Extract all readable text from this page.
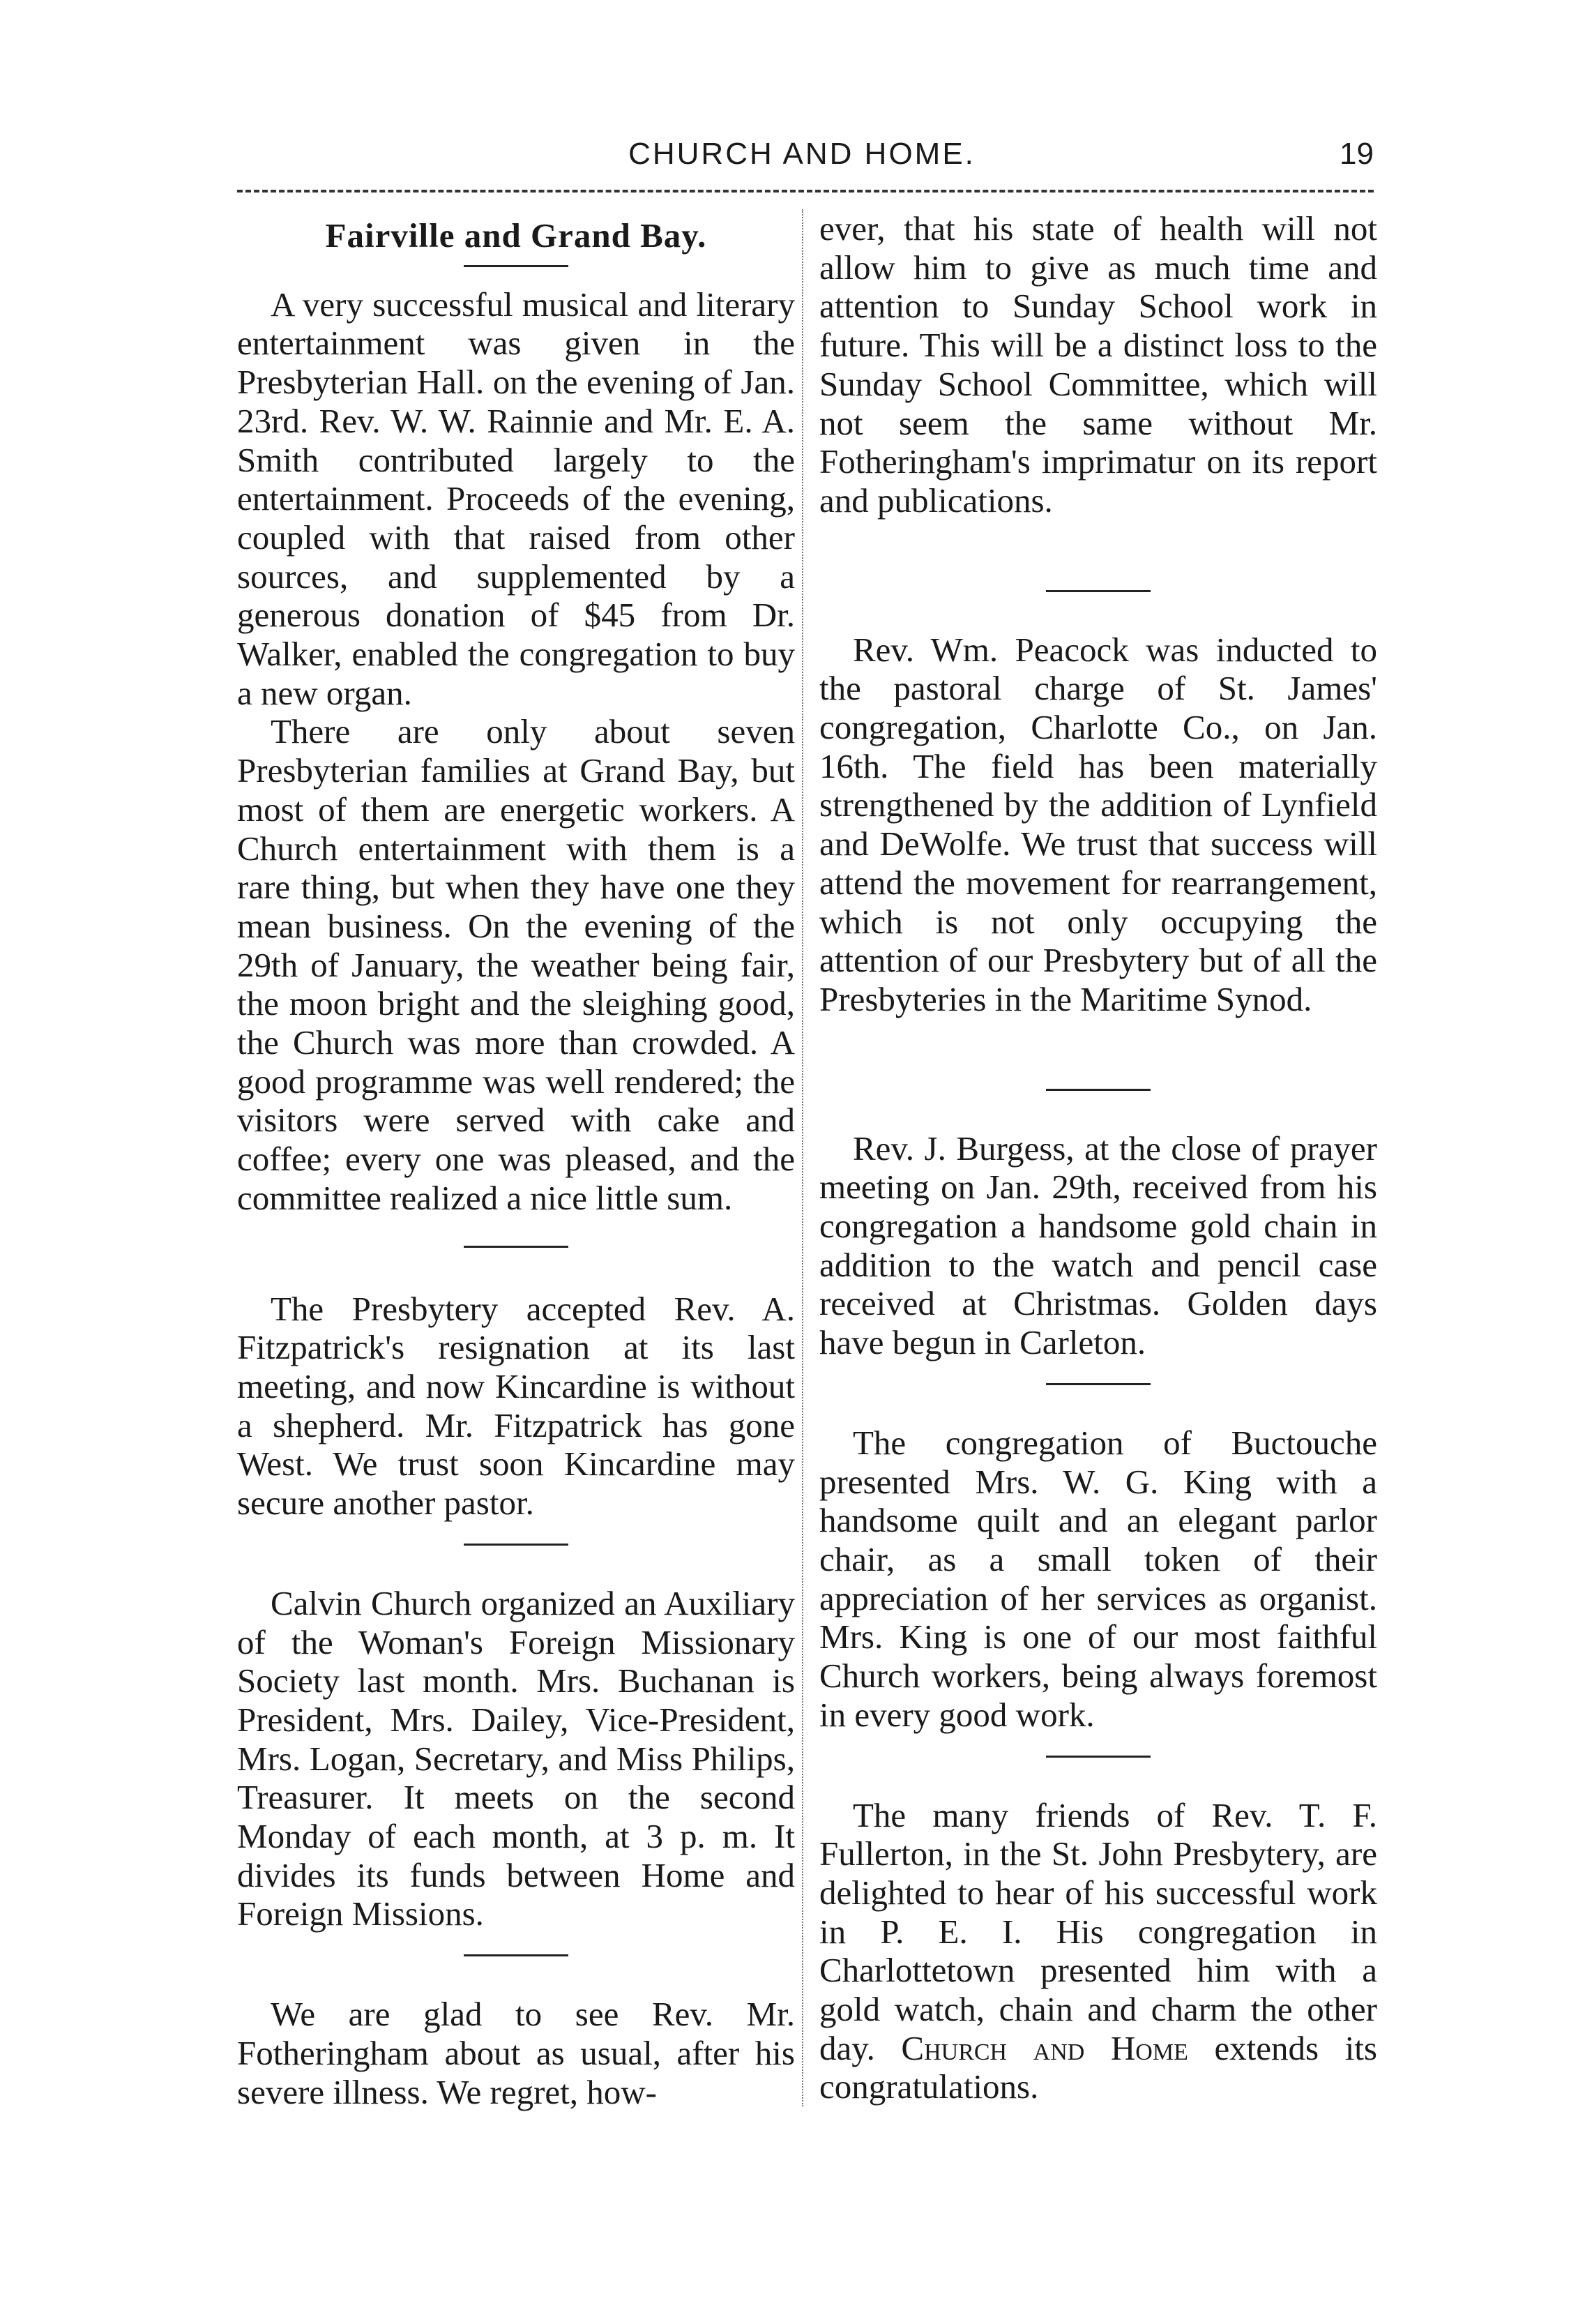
CHURCH AND HOME.	19
Fairville and Grand Bay.

A very successful musical and literary entertainment was given in the Presbyterian Hall. on the evening of Jan. 23rd. Rev. W. W. Rainnie and Mr. E. A. Smith contributed largely to the entertainment. Proceeds of the evening, coupled with that raised from other sources, and supplemented by a generous donation of $45 from Dr. Walker, enabled the congregation to buy a new organ.

There are only about seven Presbyterian families at Grand Bay, but most of them are energetic workers. A Church entertainment with them is a rare thing, but when they have one they mean business. On the evening of the 29th of January, the weather being fair, the moon bright and the sleighing good, the Church was more than crowded. A good programme was well rendered; the visitors were served with cake and coffee; every one was pleased, and the committee realized a nice little sum.

The Presbytery accepted Rev. A. Fitzpatrick's resignation at its last meeting, and now Kincardine is without a shepherd. Mr. Fitzpatrick has gone West. We trust soon Kincardine may secure another pastor.

Calvin Church organized an Auxiliary of the Woman's Foreign Missionary Society last month. Mrs. Buchanan is President, Mrs. Dailey, Vice-President, Mrs. Logan, Secretary, and Miss Philips, Treasurer. It meets on the second Monday of each month, at 3 p. m. It divides its funds between Home and Foreign Missions.

We are glad to see Rev. Mr. Fotheringham about as usual, after his severe illness. We regret, how-

ever, that his state of health will not allow him to give as much time and attention to Sunday School work in future. This will be a distinct loss to the Sunday School Committee, which will not seem the same without Mr. Fotheringham's imprimatur on its report and publications.

Rev. Wm. Peacock was inducted to the pastoral charge of St. James' congregation, Charlotte Co., on Jan. 16th. The field has been materially strengthened by the addition of Lynfield and DeWolfe. We trust that success will attend the movement for rearrangement, which is not only occupying the attention of our Presbytery but of all the Presbyteries in the Maritime Synod.

Rev. J. Burgess, at the close of prayer meeting on Jan. 29th, received from his congregation a handsome gold chain in addition to the watch and pencil case received at Christmas. Golden days have begun in Carleton.

The congregation of Buctouche presented Mrs. W. G. King with a handsome quilt and an elegant parlor chair, as a small token of their appreciation of her services as organist. Mrs. King is one of our most faithful Church workers, being always foremost in every good work.

The many friends of Rev. T. F. Fullerton, in the St. John Presbytery, are delighted to hear of his successful work in P. E. I. His congregation in Charlottetown presented him with a gold watch, chain and charm the other day. Church and Home extends its congratulations.
